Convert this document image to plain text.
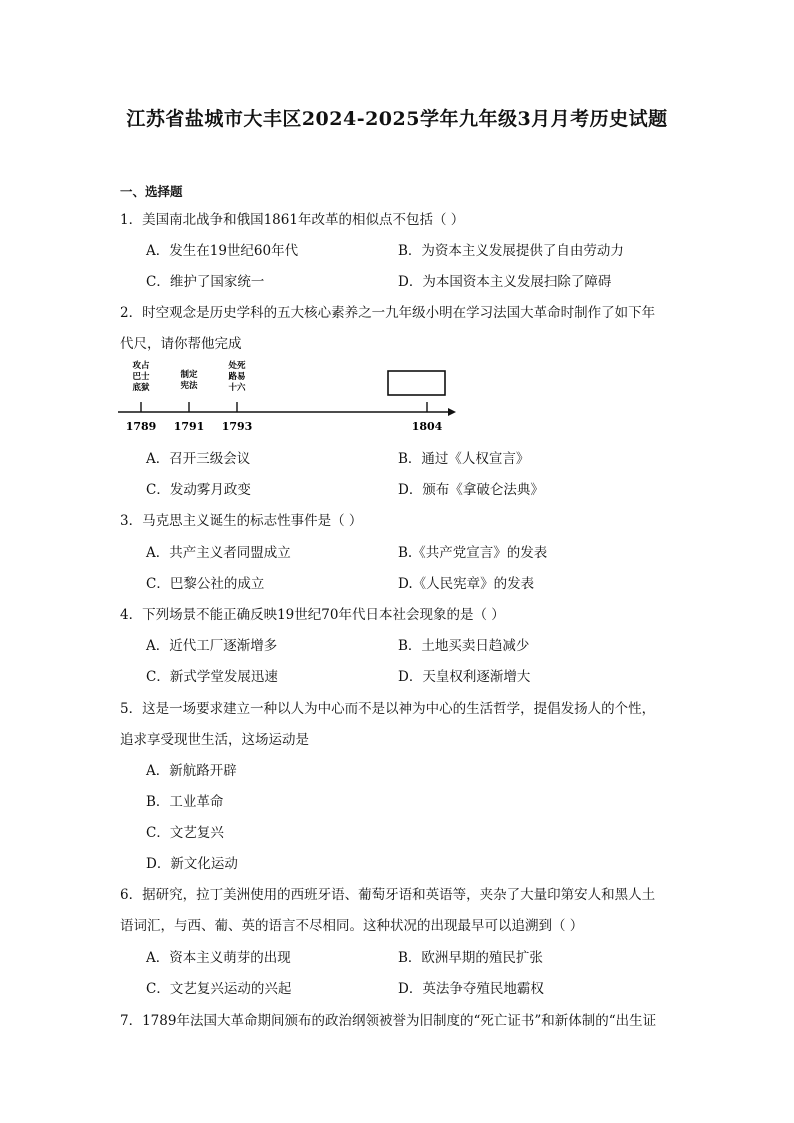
江苏省盐城市大丰区2024-2025学年九年级3月月考历史试题
一、选择题
1．美国南北战争和俄国1861年改革的相似点不包括（ ）
A．发生在19世纪60年代	B．为资本主义发展提供了自由劳动力
C．维护了国家统一	D．为本国资本主义发展扫除了障碍
2．时空观念是历史学科的五大核心素养之一九年级小明在学习法国大革命时制作了如下年
代尺，请你帮他完成
攻占
巴士
底狱
制定
宪法
处死
路易
十六
1789 1791 1793	1804
A．召开三级会议	B．通过《人权宣言》
C．发动雾月政变	D．颁布《拿破仑法典》
3．马克思主义诞生的标志性事件是（ ）
A．共产主义者同盟成立	B.《共产党宣言》的发表
C．巴黎公社的成立	D.《人民宪章》的发表
4．下列场景不能正确反映19世纪70年代日本社会现象的是（ ）
A．近代工厂逐渐增多	B．土地买卖日趋减少
C．新式学堂发展迅速	D．天皇权利逐渐增大
5．这是一场要求建立一种以人为中心而不是以神为中心的生活哲学，提倡发扬人的个性，
追求享受现世生活，这场运动是
A．新航路开辟
B．工业革命
C．文艺复兴
D．新文化运动
6．据研究，拉丁美洲使用的西班牙语、葡萄牙语和英语等，夹杂了大量印第安人和黑人土
语词汇，与西、葡、英的语言不尽相同。这种状况的出现最早可以追溯到（ ）
A．资本主义萌芽的出现	B．欧洲早期的殖民扩张
C．文艺复兴运动的兴起	D．英法争夺殖民地霸权
7．1789年法国大革命期间颁布的政治纲领被誉为旧制度的“死亡证书”和新体制的“出生证
